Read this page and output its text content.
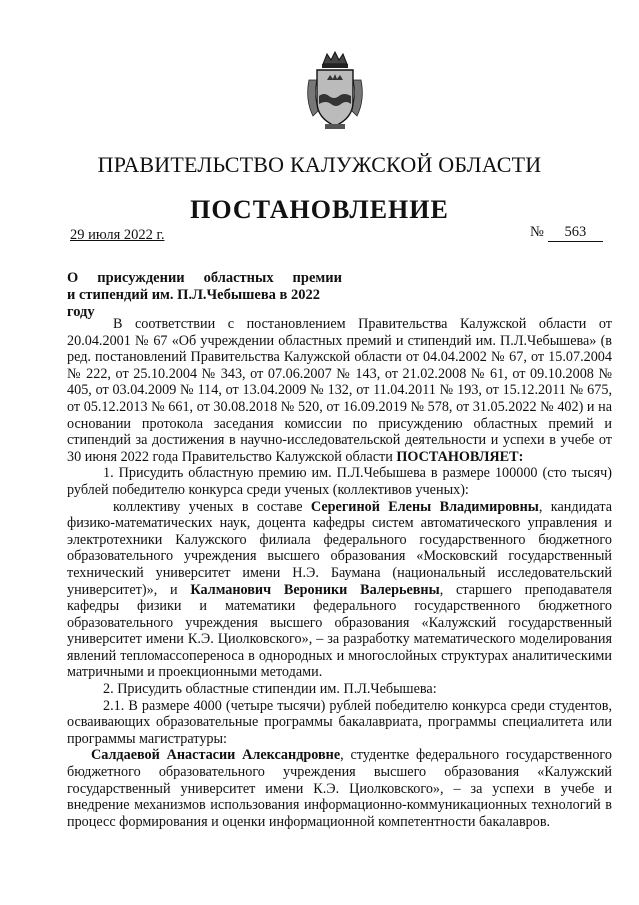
ПРАВИТЕЛЬСТВО КАЛУЖСКОЙ ОБЛАСТИ
ПОСТАНОВЛЕНИЕ
29 июля 2022 г.	№ 563
О присуждении областных премии
и стипендий им. П.Л.Чебышева в 2022 году

В соответствии с постановлением Правительства Калужской области от 20.04.2001 № 67 «Об учреждении областных премий и стипендий им. П.Л.Чебышева» (в ред. постановлений Правительства Калужской области от 04.04.2002 № 67, от 15.07.2004 № 222, от 25.10.2004 № 343, от 07.06.2007 № 143, от 21.02.2008 № 61, от 09.10.2008 № 405, от 03.04.2009 № 114, от 13.04.2009 № 132, от 11.04.2011 № 193, от 15.12.2011 № 675, от 05.12.2013 № 661, от 30.08.2018 № 520, от 16.09.2019 № 578, от 31.05.2022 № 402) и на основании протокола заседания комиссии по присуждению областных премий и стипендий за достижения в научно-исследовательской деятельности и успехи в учебе от 30 июня 2022 года Правительство Калужской области ПОСТАНОВЛЯЕТ:

1. Присудить областную премию им. П.Л.Чебышева в размере 100000 (сто тысяч) рублей победителю конкурса среди ученых (коллективов ученых):

коллективу ученых в составе Серегиной Елены Владимировны, кандидата физико-математических наук, доцента кафедры систем автоматического управления и электротехники Калужского филиала федерального государственного бюджетного образовательного учреждения высшего образования «Московский государственный технический университет имени Н.Э. Баумана (национальный исследовательский университет)», и Калманович Вероники Валерьевны, старшего преподавателя кафедры физики и математики федерального государственного бюджетного образовательного учреждения высшего образования «Калужский государственный университет имени К.Э. Циолковского», – за разработку математического моделирования явлений тепломассопереноса в однородных и многослойных структурах аналитическими матричными и проекционными методами.

2. Присудить областные стипендии им. П.Л.Чебышева:

2.1. В размере 4000 (четыре тысячи) рублей победителю конкурса среди студентов, осваивающих образовательные программы бакалавриата, программы специалитета или программы магистратуры:

Салдаевой Анастасии Александровне, студентке федерального государственного бюджетного образовательного учреждения высшего образования «Калужский государственный университет имени К.Э. Циолковского», – за успехи в учебе и внедрение механизмов использования информационно-коммуникационных технологий в процесс формирования и оценки информационной компетентности бакалавров.
